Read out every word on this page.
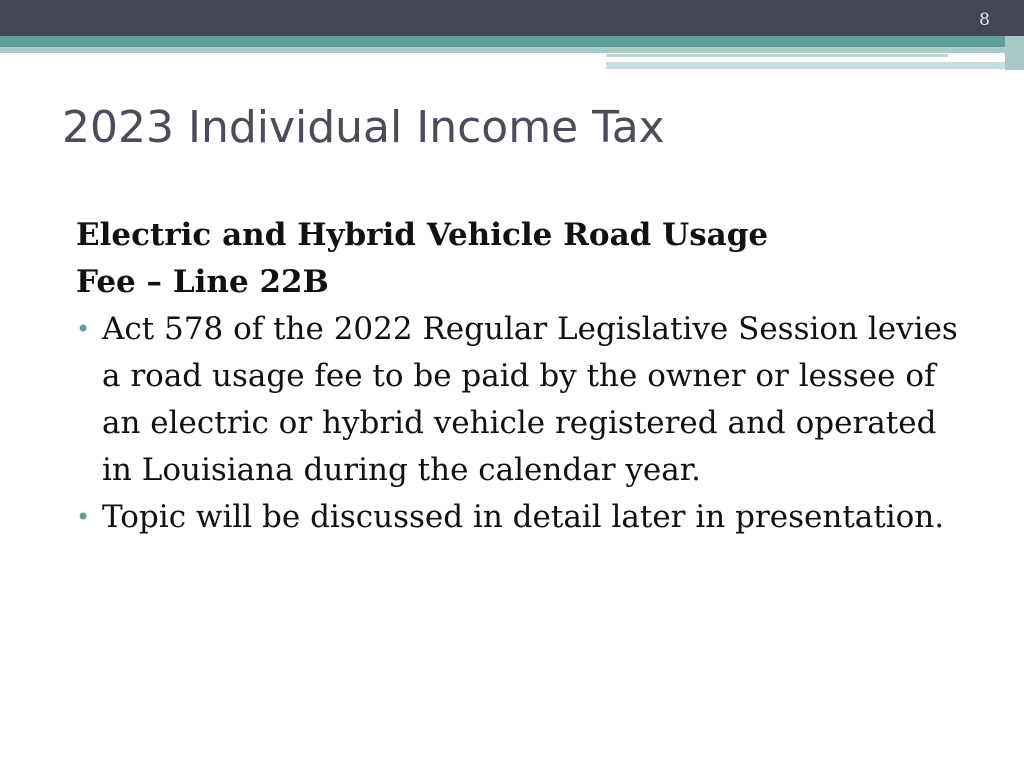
8
2023 Individual Income Tax
Electric and Hybrid Vehicle Road Usage
Fee – Line 22B
• Act 578 of the 2022 Regular Legislative Session levies a road usage fee to be paid by the owner or lessee of an electric or hybrid vehicle registered and operated in Louisiana during the calendar year.
• Topic will be discussed in detail later in presentation.
